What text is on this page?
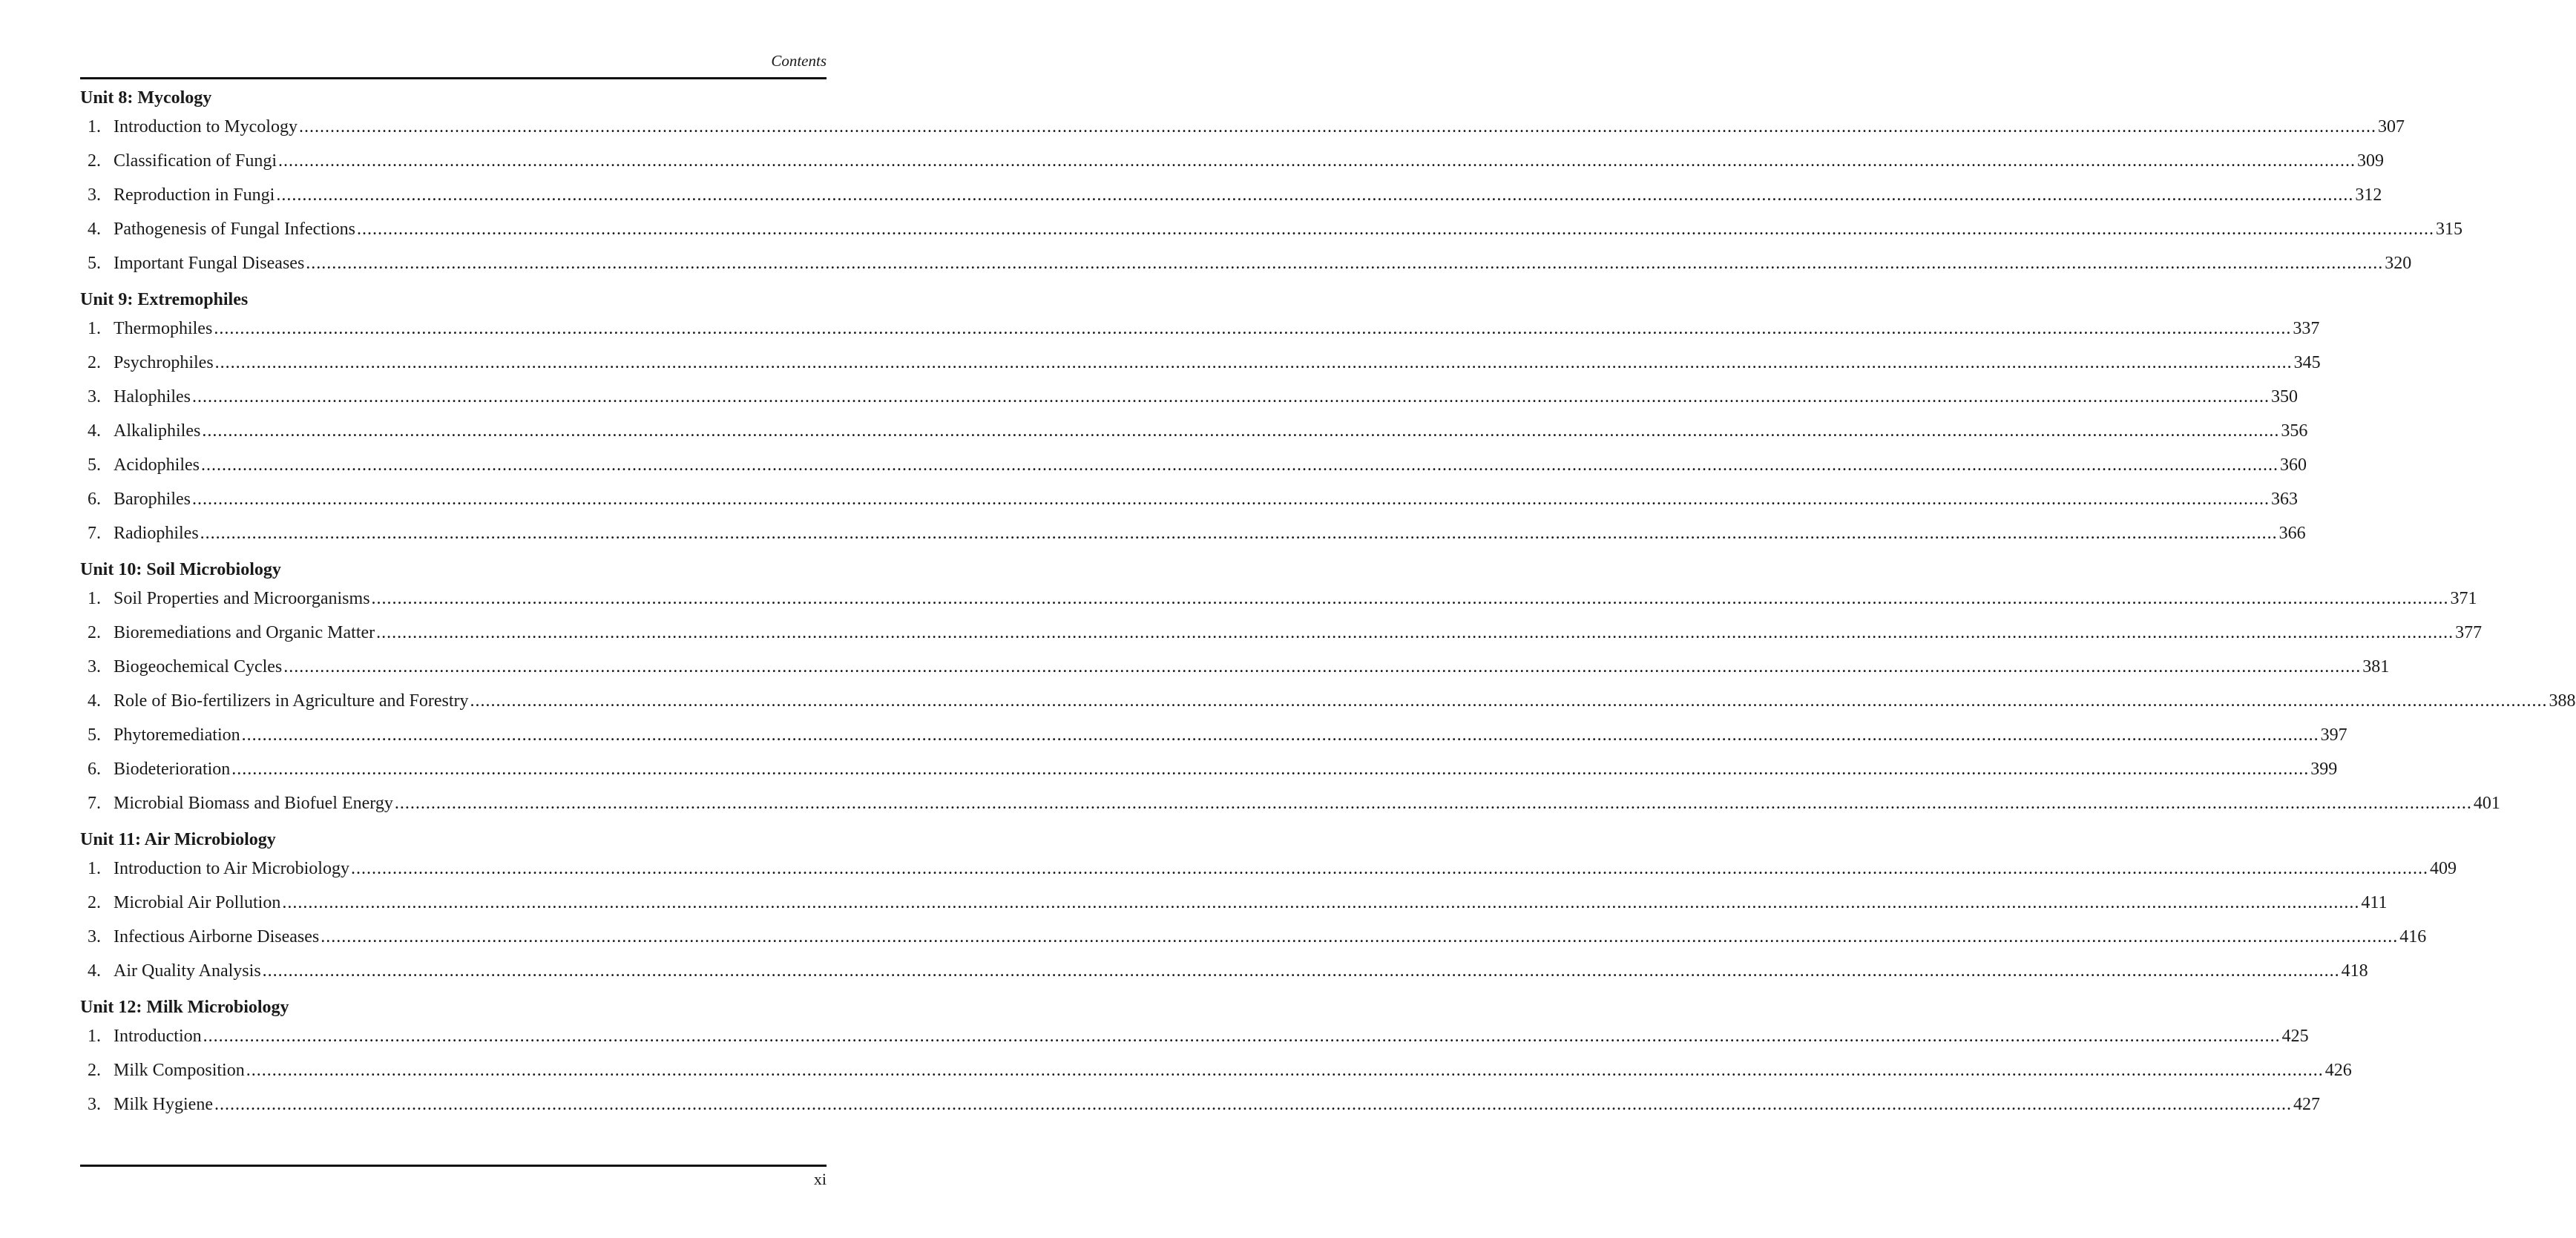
Contents
Unit 8: Mycology
1. Introduction to Mycology ................................................................................................................................................................................................................................................................................................................................................................................................................ 307
2. Classification of Fungi ................................................................................................................................................................................................................................................................................................................................................................................................................ 309
3. Reproduction in Fungi ................................................................................................................................................................................................................................................................................................................................................................................................................ 312
4. Pathogenesis of Fungal Infections ................................................................................................................................................................................................................................................................................................................................................................................................................ 315
5. Important Fungal Diseases ................................................................................................................................................................................................................................................................................................................................................................................................................ 320
Unit 9: Extremophiles
1. Thermophiles ................................................................................................................................................................................................................................................................................................................................................................................................................ 337
2. Psychrophiles ................................................................................................................................................................................................................................................................................................................................................................................................................ 345
3. Halophiles ................................................................................................................................................................................................................................................................................................................................................................................................................ 350
4. Alkaliphiles ................................................................................................................................................................................................................................................................................................................................................................................................................ 356
5. Acidophiles ................................................................................................................................................................................................................................................................................................................................................................................................................ 360
6. Barophiles ................................................................................................................................................................................................................................................................................................................................................................................................................ 363
7. Radiophiles ................................................................................................................................................................................................................................................................................................................................................................................................................ 366
Unit 10: Soil Microbiology
1. Soil Properties and Microorganisms ................................................................................................................................................................................................................................................................................................................................................................................................................ 371
2. Bioremediations and Organic Matter ................................................................................................................................................................................................................................................................................................................................................................................................................ 377
3. Biogeochemical Cycles ................................................................................................................................................................................................................................................................................................................................................................................................................ 381
4. Role of Bio-fertilizers in Agriculture and Forestry ................................................................................................................................................................................................................................................................................................................................................................................................................ 388
5. Phytoremediation ................................................................................................................................................................................................................................................................................................................................................................................................................ 397
6. Biodeterioration ................................................................................................................................................................................................................................................................................................................................................................................................................ 399
7. Microbial Biomass and Biofuel Energy ................................................................................................................................................................................................................................................................................................................................................................................................................ 401
Unit 11: Air Microbiology
1. Introduction to Air Microbiology ................................................................................................................................................................................................................................................................................................................................................................................................................ 409
2. Microbial Air Pollution ................................................................................................................................................................................................................................................................................................................................................................................................................ 411
3. Infectious Airborne Diseases ................................................................................................................................................................................................................................................................................................................................................................................................................ 416
4. Air Quality Analysis ................................................................................................................................................................................................................................................................................................................................................................................................................ 418
Unit 12: Milk Microbiology
1. Introduction ................................................................................................................................................................................................................................................................................................................................................................................................................ 425
2. Milk Composition ................................................................................................................................................................................................................................................................................................................................................................................................................ 426
3. Milk Hygiene ................................................................................................................................................................................................................................................................................................................................................................................................................ 427
xi
